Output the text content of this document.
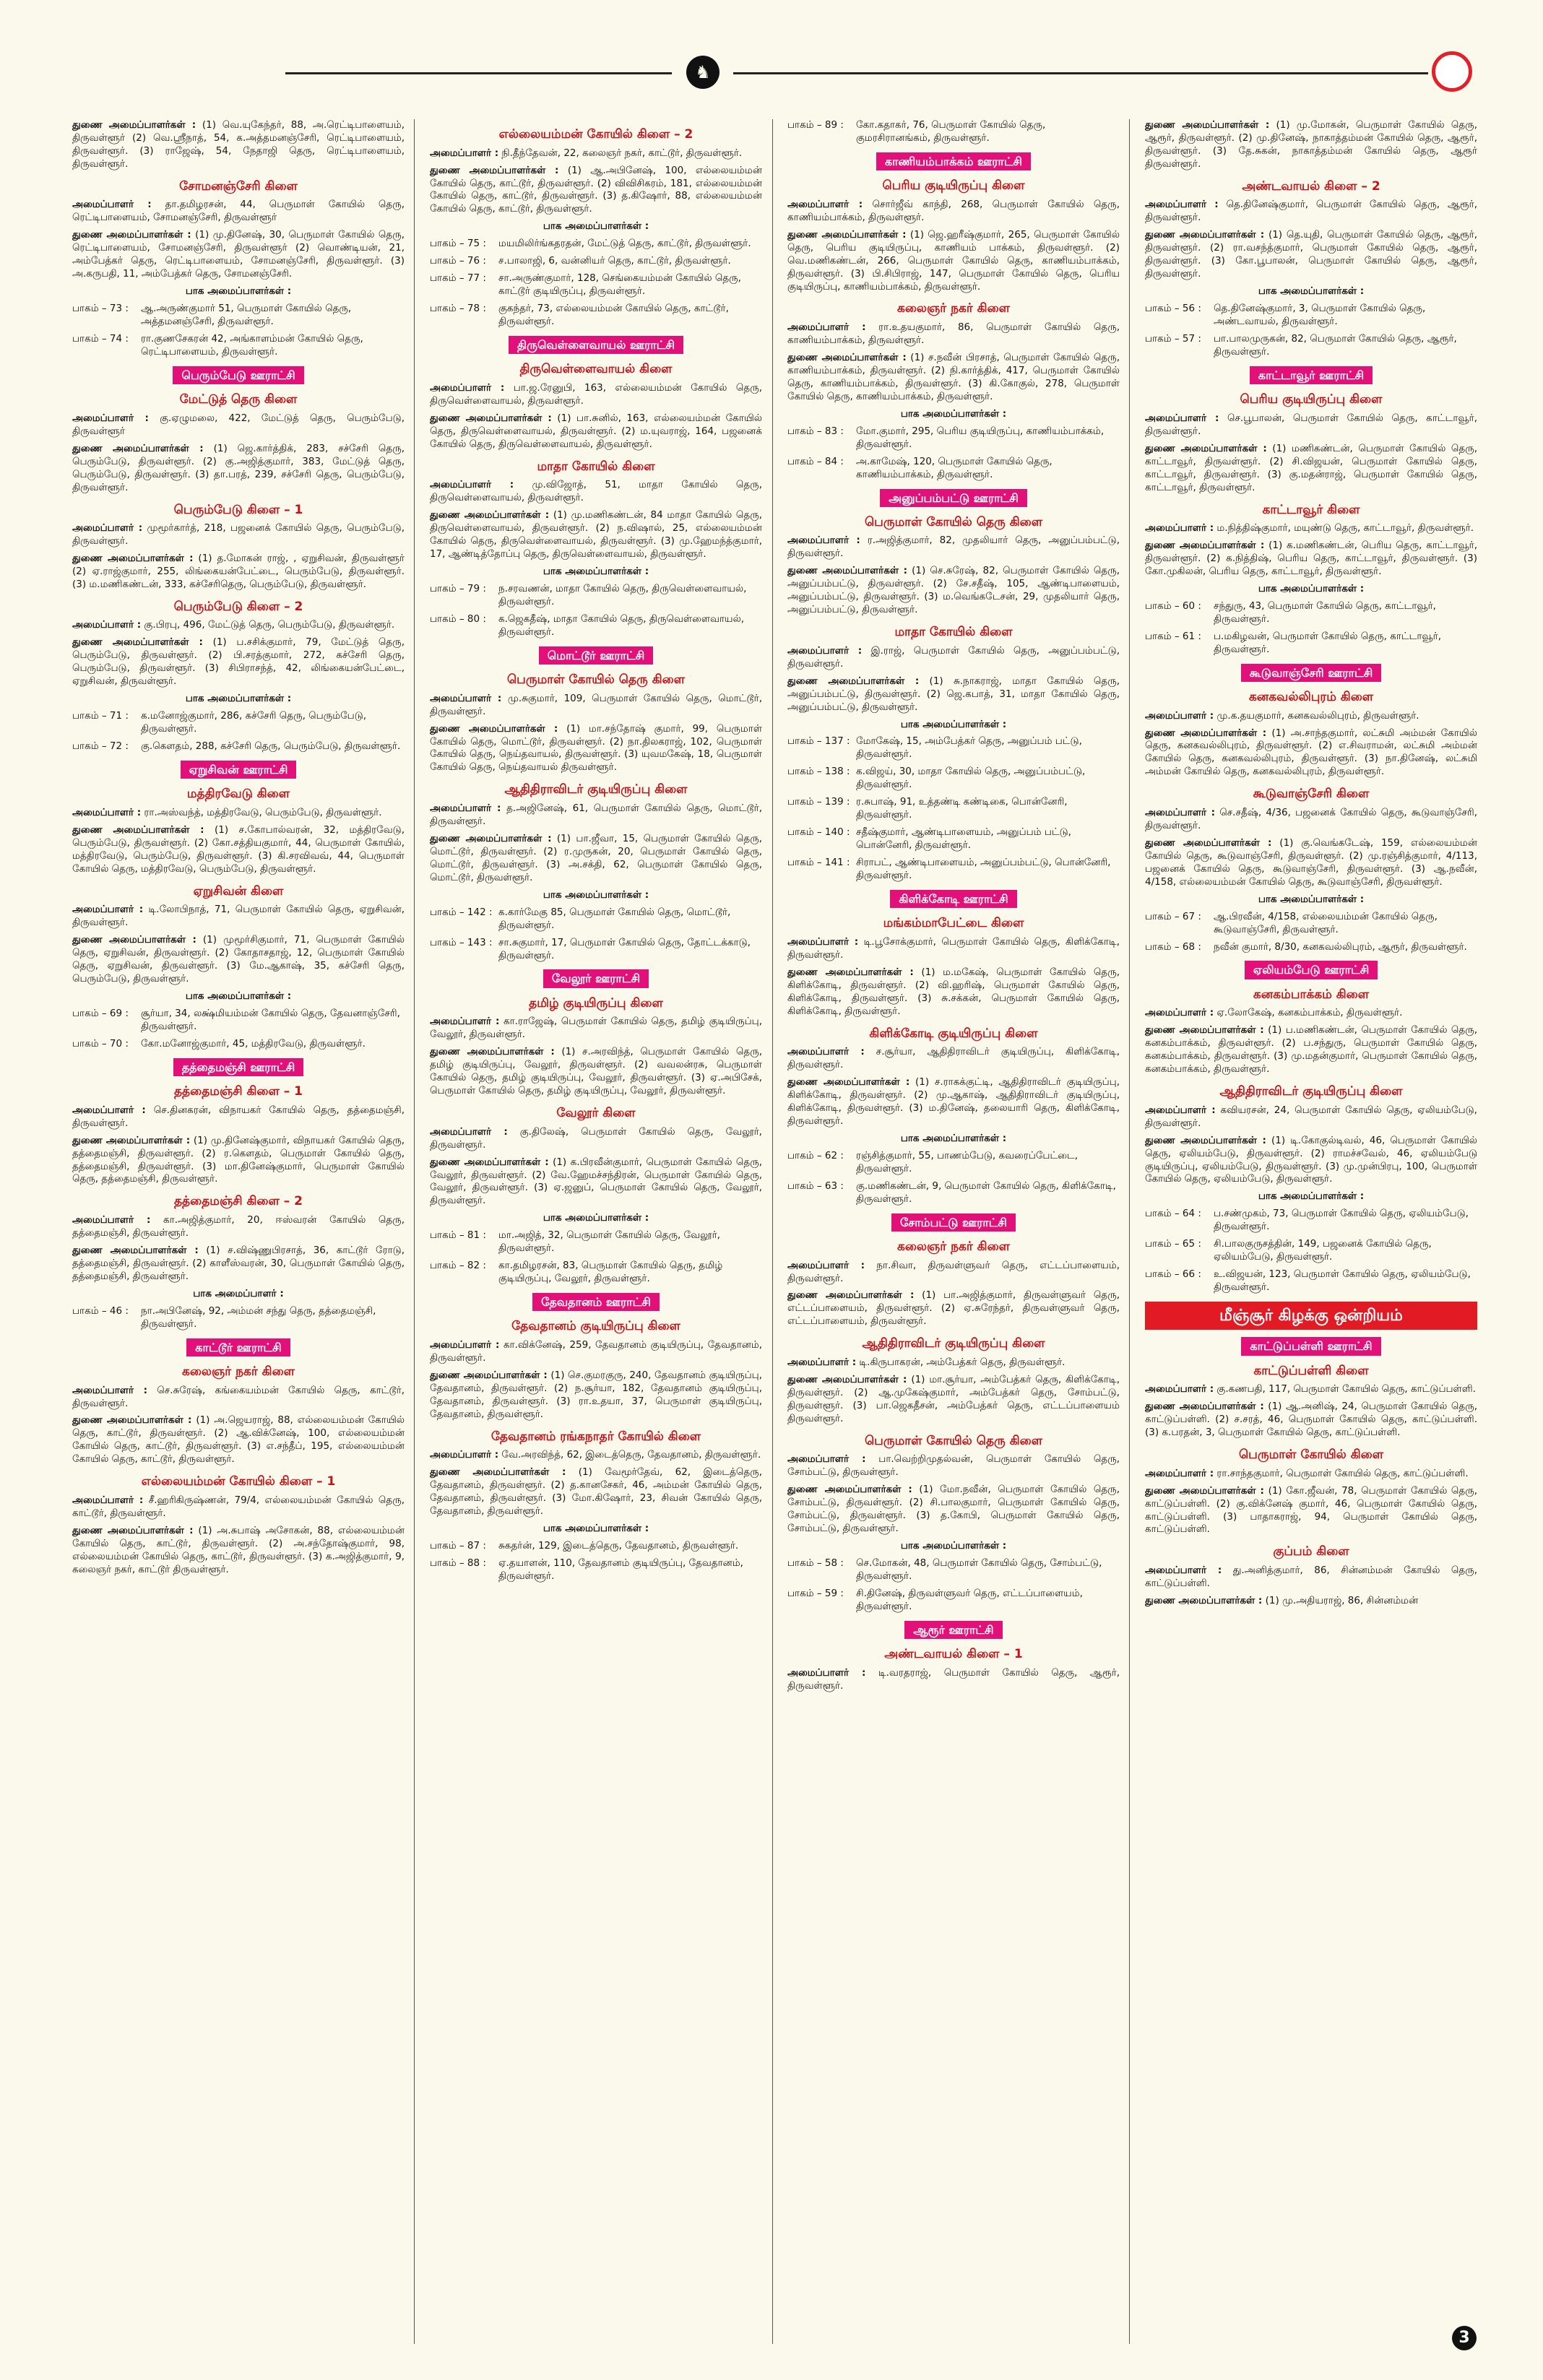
♞
துணை அமைப்பாளர்கள் : (1) வெ.யுகேந்தர், 88, அ.ரெட்டிபாளையம், திருவள்ளூர் (2) வெ.ஸ்ரீநாத், 54, க.அத்தமனஞ்சேரி, ரெட்டிபாளையம், திருவள்ளூர். (3) ராஜேஷ், 54, நேதாஜி தெரு, ரெட்டிபாளையம், திருவள்ளூர்.
சோமனஞ்சேரி கிளை
அமைப்பாளர் : தா.தமிழரசன், 44, பெருமாள் கோயில் தெரு, ரெட்டிபாளையம், சோமனஞ்சேரி, திருவள்ளூர்
துணை அமைப்பாளர்கள் : (1) மு.தினேஷ், 30, பெருமாள் கோயில் தெரு, ரெட்டிபாளையம், சோமனஞ்சேரி, திருவள்ளூர் (2) வொண்டியன், 21, அம்பேத்கர் தெரு, ரெட்டிபாளையம், சோமனஞ்சேரி, திருவள்ளூர். (3) அ.கருபதி, 11, அம்பேத்கர் தெரு, சோமனஞ்சேரி.
பாக அமைப்பாளர்கள் :
பாகம் – 73 :	ஆ.அருண்குமார் 51, பெருமாள் கோயில் தெரு, அத்தமனஞ்சேரி, திருவள்ளூர்.
பாகம் – 74 :	ரா.குணசேகரன் 42, அங்காளம்மன் கோயில் தெரு, ரெட்டிபாளையம், திருவள்ளூர்.
பெரும்பேடு ஊராட்சி
மேட்டுத் தெரு கிளை
அமைப்பாளர் : கு.ஏழுமலை, 422, மேட்டுத் தெரு, பெரும்பேடு, திருவள்ளூர்
துணை அமைப்பாளர்கள் : (1) ஜெ.கார்த்திக், 283, சச்சேரி தெரு, பெரும்பேடு, திருவள்ளூர். (2) கு.அஜித்குமார், 383, மேட்டுத் தெரு, பெரும்பேடு, திருவள்ளூர். (3) தா.பரத், 239, சச்சேரி தெரு, பெரும்பேடு, திருவள்ளூர்.
பெரும்பேடு கிளை – 1
அமைப்பாளர் : முமூர்கார்த், 218, பஜனைக் கோயில் தெரு, பெரும்பேடு, திருவள்ளூர்.
துணை அமைப்பாளர்கள் : (1) த.மோகன் ராஜ், , ஏறுசிவன், திருவள்ளூர் (2) ஏ.ராஜ்குமார், 255, லிங்கையன்பேட்டை, பெரும்பேடு, திருவள்ளூர். (3) ம.மணிகண்டன், 333, கச்சேரிதெரு, பெரும்பேடு, திருவள்ளூர்.
பெரும்பேடு கிளை – 2
அமைப்பாளர் : கு.பிரபு, 496, மேட்டுத் தெரு, பெரும்பேடு, திருவள்ளூர்.
துணை அமைப்பாளர்கள் : (1) ப.சசிக்குமார், 79, மேட்டுத் தெரு, பெரும்பேடு, திருவள்ளூர். (2) பி.சரத்குமார், 272, கச்சேரி தெரு, பெரும்பேடு, திருவள்ளூர். (3) சிபிராசந்த், 42, லிங்கையன்பேட்டை, ஏறுசிவன், திருவள்ளூர்.
பாக அமைப்பாளர்கள் :
பாகம் – 71 :	க.மனோஜ்குமார், 286, கச்சேரி தெரு, பெரும்பேடு, திருவள்ளூர்.
பாகம் – 72 :	கு.கௌதம், 288, கச்சேரி தெரு, பெரும்பேடு, திருவள்ளூர்.
ஏறுசிவன் ஊராட்சி
மத்திரவேடு கிளை
அமைப்பாளர் : ரா.அஸ்வந்த், மத்திரவேடு, பெரும்பேடு, திருவள்ளூர்.
துணை அமைப்பாளர்கள் : (1) ச.கோபால்வரன், 32, மத்திரவேடு, பெரும்பேடு, திருவள்ளூர். (2) கோ.சத்தியகுமார், 44, பெருமாள் கோயில், மத்திரவேடு, பெரும்பேடு, திருவள்ளூர். (3) கி.சரவிவவ், 44, பெருமாள் கோயில் தெரு, மத்திரவேடு, பெரும்பேடு, திருவள்ளூர்.
ஏறுசிவன் கிளை
அமைப்பாளர் : டி.லோபிநாத், 71, பெருமாள் கோயில் தெரு, ஏறுசிவன், திருவள்ளூர்.
துணை அமைப்பாளர்கள் : (1) முமூர்சிகுமார், 71, பெருமாள் கோயில் தெரு, ஏறுசிவன், திருவள்ளூர். (2) கோதாசதாஜ், 12, பெருமாள் கோயில் தெரு, ஏறுசிவன், திருவள்ளூர். (3) மே.ஆகாஷ், 35, கச்சேரி தெரு, பெரும்பேடு, திருவள்ளூர்.
பாக அமைப்பாளர்கள் :
பாகம் – 69 :	சூர்யா, 34, லக்ஷ்மியம்மன் கோயில் தெரு, தேவனாஞ்சேரி, திருவள்ளூர்.
பாகம் – 70 :	கோ.மனோஜ்குமார், 45, மத்திரவேடு, திருவள்ளூர்.
தத்தைமஞ்சி ஊராட்சி
தத்தைமஞ்சி கிளை – 1
அமைப்பாளர் : செ.தினகரன், விநாயகர் கோயில் தெரு, தத்தைமஞ்சி, திருவள்ளூர்.
துணை அமைப்பாளர்கள் : (1) மு.தினேஷ்குமார், விநாயகர் கோயில் தெரு, தத்தைமஞ்சி, திருவள்ளூர். (2) ர.கௌதம், பெருமாள் கோயில் தெரு, தத்தைமஞ்சி, திருவள்ளூர். (3) மா.தினேஷ்குமார், பெருமாள் கோயில் தெரு, தத்தைமஞ்சி, திருவள்ளூர்.
தத்தைமஞ்சி கிளை – 2
அமைப்பாளர் : கா.அஜித்குமார், 20, ஈஸ்வரன் கோயில் தெரு, தத்தைமஞ்சி, திருவள்ளூர்.
துணை அமைப்பாளர்கள் : (1) ச.விஷ்ணுபிரசாத், 36, காட்டூர் ரோடு, தத்தைமஞ்சி, திருவள்ளூர். (2) காளீஸ்வரன், 30, பெருமாள் கோயில் தெரு, தத்தைமஞ்சி, திருவள்ளூர்.
பாக அமைப்பாளர் :
பாகம் – 46 :	நா.அபினேஷ், 92, அம்மன் சந்து தெரு, தத்தைமஞ்சி, திருவள்ளூர்.
காட்டூர் ஊராட்சி
கலைஞர் நகர் கிளை
அமைப்பாளர் : செ.சுரேஷ், கங்கையம்மன் கோயில் தெரு, காட்டூர், திருவள்ளூர்.
துணை அமைப்பாளர்கள் : (1) அ.ஜெயராஜ், 88, எல்லையம்மன் கோயில் தெரு, காட்டூர், திருவள்ளூர். (2) ஆ.விக்னேஷ், 100, எல்லையம்மன் கோயில் தெரு, காட்டூர், திருவள்ளூர். (3) எ.சந்தீப், 195, எல்லையம்மன் கோயில் தெரு, காட்டூர், திருவள்ளூர்.
எல்லையம்மன் கோயில் கிளை – 1
அமைப்பாளர் : சீ.ஹரிகிருஷ்ணன், 79/4, எல்லையம்மன் கோயில் தெரு, காட்டூர், திருவள்ளூர்.
துணை அமைப்பாளர்கள் : (1) அ.சுபாஷ் அசோகன், 88, எல்லையம்மன் கோயில் தெரு, காட்டூர், திருவள்ளூர். (2) அ.சந்தோஷ்குமார், 98, எல்லையம்மன் கோயில் தெரு, காட்டூர், திருவள்ளூர். (3) க.அஜித்குமார், 9, கலைஞர் நகர், காட்டூர் திருவள்ளூர்.
எல்லையம்மன் கோயில் கிளை – 2
அமைப்பாளர் : நி.தீந்தேவன், 22, கலைஞர் நகர், காட்டூர், திருவள்ளூர்.
துணை அமைப்பாளர்கள் : (1) ஆ.அபினேஷ், 100, எல்லையம்மன் கோயில் தெரு, காட்டூர், திருவள்ளூர். (2) விவிசிகரம், 181, எல்லையம்மன் கோயில் தெரு, காட்டூர், திருவள்ளூர். (3) த.கிஷோர், 88, எல்லையம்மன் கோயில் தெரு, காட்டூர், திருவள்ளூர்.
பாக அமைப்பாளர்கள் :
பாகம் – 75 :	மயமிலிர்ங்கதரதன், மேட்டுத் தெரு, காட்டூர், திருவள்ளூர்.
பாகம் – 76 :	ச.பாலாஜி, 6, வன்னியர் தெரு, காட்டூர், திருவள்ளூர்.
பாகம் – 77 :	சா.அருண்குமார், 128, செங்கையம்மன் கோயில் தெரு, காட்டூர் குடியிருப்பு, திருவள்ளூர்.
பாகம் – 78 :	குகந்தர், 73, எல்லையம்மன் கோயில் தெரு, காட்டூர், திருவள்ளூர்.
திருவெள்ளைவாயல் ஊராட்சி
திருவெள்ளைவாயல் கிளை
அமைப்பாளர் : பா.ஜ.ரேனுபி, 163, எல்லையம்மன் கோயில் தெரு, திருவெள்ளைவாயல், திருவள்ளூர்.
துணை அமைப்பாளர்கள் : (1) பா.சுனில், 163, எல்லையம்மன் கோயில் தெரு, திருவெள்ளைவாயல், திருவள்ளூர். (2) ம.யுவராஜ், 164, பஜனைக் கோயில் தெரு, திருவெள்ளைவாயல், திருவள்ளூர்.
மாதா கோயில் கிளை
அமைப்பாளர் : மு.விஜோத், 51, மாதா கோயில் தெரு, திருவெள்ளைவாயல், திருவள்ளூர்.
துணை அமைப்பாளர்கள் : (1) மு.மணிகண்டன், 84 மாதா கோயில் தெரு, திருவெள்ளைவாயல், திருவள்ளூர். (2) ந.விஷால், 25, எல்லையம்மன் கோயில் தெரு, திருவெள்ளைவாயல், திருவள்ளூர். (3) மு.ஹேமந்த்குமார், 17, ஆண்டித்தோப்பு தெரு, திருவெள்ளைவாயல், திருவள்ளூர்.
பாக அமைப்பாளர்கள் :
பாகம் – 79 :	ந.சரவணன், மாதா கோயில் தெரு, திருவெள்ளைவாயல், திருவள்ளூர்.
பாகம் – 80 :	க.ஜெகதீஷ், மாதா கோயில் தெரு, திருவெள்ளைவாயல், திருவள்ளூர்.
மொட்டூர் ஊராட்சி
பெருமாள் கோயில் தெரு கிளை
அமைப்பாளர் : மு.சுகுமார், 109, பெருமாள் கோயில் தெரு, மொட்டூர், திருவள்ளூர்.
துணை அமைப்பாளர்கள் : (1) மா.சந்தோஷ் குமார், 99, பெருமாள் கோயில் தெரு, மொட்டூர், திருவள்ளூர். (2) நா.திலகராஜ், 102, பெருமாள் கோயில் தெரு, நெய்தவாயல், திருவள்ளூர். (3) யுவமகேஷ், 18, பெருமாள் கோயில் தெரு, நெய்தவாயல் திருவள்ளூர்.
ஆதிதிராவிடர் குடியிருப்பு கிளை
அமைப்பாளர் : த.அஜினேஷ், 61, பெருமாள் கோயில் தெரு, மொட்டூர், திருவள்ளூர்.
துணை அமைப்பாளர்கள் : (1) பா.ஜீவா, 15, பெருமாள் கோயில் தெரு, மொட்டூர், திருவள்ளூர். (2) ர.முருகன், 20, பெருமாள் கோயில் தெரு, மொட்டூர், திருவள்ளூர். (3) அ.சக்தி, 62, பெருமாள் கோயில் தெரு, மொட்டூர், திருவள்ளூர்.
பாக அமைப்பாளர்கள் :
பாகம் – 142 : க.கார்மேகு 85, பெருமாள் கோயில் தெரு, மொட்டூர், திருவள்ளூர்.
பாகம் – 143 : சா.சுகுமார், 17, பெருமாள் கோயில் தெரு, தோட்டக்காடு, திருவள்ளூர்.
வேலூர் ஊராட்சி
தமிழ் குடியிருப்பு கிளை
அமைப்பாளர் : கா.ராஜேஷ், பெருமாள் கோயில் தெரு, தமிழ் குடியிருப்பு, வேலூர், திருவள்ளூர்.
துணை அமைப்பாளர்கள் : (1) ச.அரவிந்த், பெருமாள் கோயில் தெரு, தமிழ் குடியிருப்பு, வேலூர், திருவள்ளூர். (2) வவலன்ரசு, பெருமாள் கோயில் தெரு, தமிழ் குடியிருப்பு, வேலூர், திருவள்ளூர். (3) ஏ.அபிசேக், பெருமாள் கோயில் தெரு, தமிழ் குடியிருப்பு, வேலூர், திருவள்ளூர்.
வேலூர் கிளை
அமைப்பாளர் : கு.திலேஷ், பெருமாள் கோயில் தெரு, வேலூர், திருவள்ளூர்.
துணை அமைப்பாளர்கள் : (1) க.பிரவீன்குமார், பெருமாள் கோயில் தெரு, வேலூர், திருவள்ளூர். (2) வே.ஹேமச்சந்திரன், பெருமாள் கோயில் தெரு, வேலூர், திருவள்ளூர். (3) ஏ.ஜனுப், பெருமாள் கோயில் தெரு, வேலூர், திருவள்ளூர்.
பாக அமைப்பாளர்கள் :
பாகம் – 81 :	மா.அஜித், 32, பெருமாள் கோயில் தெரு, வேலூர், திருவள்ளூர்.
பாகம் – 82 :	கா.தமிழரசன், 83, பெருமாள் கோயில் தெரு, தமிழ் குடியிருப்பு, வேலூர், திருவள்ளூர்.
தேவதானம் ஊராட்சி
தேவதானம் குடியிருப்பு கிளை
அமைப்பாளர் : கா.விக்னேஷ், 259, தேவதானம் குடியிருப்பு, தேவதானம், திருவள்ளூர்.
துணை அமைப்பாளர்கள் : (1) செ.குமரகுரு, 240, தேவதானம் குடியிருப்பு, தேவதானம், திருவள்ளூர். (2) ந.சூர்யா, 182, தேவதானம் குடியிருப்பு, தேவதானம், திருவள்ளூர். (3) ரா.உதயா, 37, பெருமாள் குடியிருப்பு, தேவதானம், திருவள்ளூர்.
தேவதானம் ரங்கநாதர் கோயில் கிளை
அமைப்பாளர் : வே.அரவிந்த், 62, இடைத்தெரு, தேவதானம், திருவள்ளூர்.
துணை அமைப்பாளர்கள் : (1) வேமூர்தேவ், 62, இடைத்தெரு, தேவதானம், திருவள்ளூர். (2) த.கானசேகர், 46, அம்மன் கோயில் தெரு, தேவதானம், திருவள்ளூர். (3) மோ.கிஷோர், 23, சிவன் கோயில் தெரு, தேவதானம், திருவள்ளூர்.
பாக அமைப்பாளர்கள் :
பாகம் – 87 :	சுகதர்ன், 129, இடைத்தெரு, தேவதானம், திருவள்ளூர்.
பாகம் – 88 :	ஏ.தயாளன், 110, தேவதானம் குடியிருப்பு, தேவதானம், திருவள்ளூர்.
பாகம் – 89 :	கோ.கதாகர், 76, பெருமாள் கோயில் தெரு, குமரசிரானங்கம், திருவள்ளூர்.
காணியம்பாக்கம் ஊராட்சி
பெரிய குடியிருப்பு கிளை
அமைப்பாளர் : சொர்ஜீவ் காந்தி, 268, பெருமாள் கோயில் தெரு, காணியம்பாக்கம், திருவள்ளூர்.
துணை அமைப்பாளர்கள் : (1) ஜெ.ஹரீஷ்குமார், 265, பெருமாள் கோயில் தெரு, பெரிய குடியிருப்பு, காணியம் பாக்கம், திருவள்ளூர். (2) வெ.மணிகண்டன், 266, பெருமாள் கோயில் தெரு, காணியம்பாக்கம், திருவள்ளூர். (3) பி.சிபிராஜ், 147, பெருமாள் கோயில் தெரு, பெரிய குடியிருப்பு, காணியம்பாக்கம், திருவள்ளூர்.
கலைஞர் நகர் கிளை
அமைப்பாளர் : ரா.உதயகுமார், 86, பெருமாள் கோயில் தெரு, காணியம்பாக்கம், திருவள்ளூர்.
துணை அமைப்பாளர்கள் : (1) ச.நவீன் பிரசாத், பெருமாள் கோயில் தெரு, காணியம்பாக்கம், திருவள்ளூர். (2) நி.கார்த்திக், 417, பெருமாள் கோயில் தெரு, காணியம்பாக்கம், திருவள்ளூர். (3) கி.கோகுல், 278, பெருமாள் கோயில் தெரு, காணியம்பாக்கம், திருவள்ளூர்.
பாக அமைப்பாளர்கள் :
பாகம் – 83 :	மோ.குமார், 295, பெரிய குடியிருப்பு, காணியம்பாக்கம், திருவள்ளூர்.
பாகம் – 84 :	அ.காமேஷ், 120, பெருமாள் கோயில் தெரு, காணியம்பாக்கம், திருவள்ளூர்.
அனுப்பம்பட்டு ஊராட்சி
பெருமாள் கோயில் தெரு கிளை
அமைப்பாளர் : ர.அஜித்குமார், 82, முதலியார் தெரு, அனுப்பம்பட்டு, திருவள்ளூர்.
துணை அமைப்பாளர்கள் : (1) செ.சுரேஷ், 82, பெருமாள் கோயில் தெரு, அனுப்பம்பட்டு, திருவள்ளூர். (2) சே.சதீஷ், 105, ஆண்டிபாளையம், அனுப்பம்பட்டு, திருவள்ளூர். (3) ம.வெங்கடேசன், 29, முதலியார் தெரு, அனுப்பம்பட்டு, திருவள்ளூர்.
மாதா கோயில் கிளை
அமைப்பாளர் : இ.ராஜ், பெருமாள் கோயில் தெரு, அனுப்பம்பட்டு, திருவள்ளூர்.
துணை அமைப்பாளர்கள் : (1) சு.நாகராஜ், மாதா கோயில் தெரு, அனுப்பம்பட்டு, திருவள்ளூர். (2) ஜெ.கபாத், 31, மாதா கோயில் தெரு, அனுப்பம்பட்டு, திருவள்ளூர்.
பாக அமைப்பாளர்கள் :
பாகம் – 137 : மோகேஷ், 15, அம்பேத்கர் தெரு, அனுப்பம் பட்டு, திருவள்ளூர்.
பாகம் – 138 : க.விஜய், 30, மாதா கோயில் தெரு, அனுப்பம்பட்டு, திருவள்ளூர்.
பாகம் – 139 : ர.சுபாஷ், 91, உத்தண்டி கண்டிகை, பொன்னேரி, திருவள்ளூர்.
பாகம் – 140 : சதீஷ்குமார், ஆண்டிபாளையம், அனுப்பம் பட்டு, பொன்னேரி, திருவள்ளூர்.
பாகம் – 141 : சிராபட், ஆண்டிபாளையம், அனுப்பம்பட்டு, பொன்னேரி, திருவள்ளூர்.
கிளிக்கோடி ஊராட்சி
மங்கம்மாபேட்டை கிளை
அமைப்பாளர் : டி.பூசோக்குமார், பெருமாள் கோயில் தெரு, கிளிக்கோடி, திருவள்ளூர்.
துணை அமைப்பாளர்கள் : (1) ம.மகேஷ், பெருமாள் கோயில் தெரு, கிளிக்கோடி, திருவள்ளூர். (2) வி.ஹரிஷ், பெருமாள் கோயில் தெரு, கிளிக்கோடி, திருவள்ளூர். (3) சு.சக்கன், பெருமாள் கோயில் தெரு, கிளிக்கோடி, திருவள்ளூர்.
கிளிக்கோடி குடியிருப்பு கிளை
அமைப்பாளர் : ச.சூர்யா, ஆதிதிராவிடர் குடியிருப்பு, கிளிக்கோடி, திருவள்ளூர்.
துணை அமைப்பாளர்கள் : (1) ச.ராகக்குட்டி, ஆதிதிராவிடர் குடியிருப்பு, கிளிக்கோடி, திருவள்ளூர். (2) மு.ஆகாஷ், ஆதிதிராவிடர் குடியிருப்பு, கிளிக்கோடி, திருவள்ளூர். (3) ம.தினேஷ், தலையாரி தெரு, கிளிக்கோடி, திருவள்ளூர்.
பாக அமைப்பாளர்கள் :
பாகம் – 62 :	ரஞ்சித்குமார், 55, பாணம்பேடு, கவரைப்பேட்டை, திருவள்ளூர்.
பாகம் – 63 :	கு.மணிகண்டன், 9, பெருமாள் கோயில் தெரு, கிளிக்கோடி, திருவள்ளூர்.
சோம்பட்டு ஊராட்சி
கலைஞர் நகர் கிளை
அமைப்பாளர் : நா.சிவா, திருவள்ளுவர் தெரு, எட்டப்பாளையம், திருவள்ளூர்.
துணை அமைப்பாளர்கள் : (1) பா.அஜித்குமார், திருவள்ளுவர் தெரு, எட்டப்பாளையம், திருவள்ளூர். (2) ஏ.சுரேந்தர், திருவள்ளுவர் தெரு, எட்டப்பாளையம், திருவள்ளூர்.
ஆதிதிராவிடர் குடியிருப்பு கிளை
அமைப்பாளர் : டி.கிருபாகரன், அம்பேத்கர் தெரு, திருவள்ளூர்.
துணை அமைப்பாளர்கள் : (1) மா.சூர்யா, அம்பேத்கர் தெரு, கிளிக்கோடி, திருவள்ளூர். (2) ஆ.முகேஷ்குமார், அம்பேத்கர் தெரு, சோம்பட்டு, திருவள்ளூர். (3) பா.ஜெகதீசன், அம்பேத்கர் தெரு, எட்டப்பாளையம் திருவள்ளூர்.
பெருமாள் கோயில் தெரு கிளை
அமைப்பாளர் : பா.வெற்றிமுதல்வன், பெருமாள் கோயில் தெரு, சோம்பட்டு, திருவள்ளூர்.
துணை அமைப்பாளர்கள் : (1) மோ.நவீன், பெருமாள் கோயில் தெரு, சோம்பட்டு, திருவள்ளூர். (2) சி.பாலகுமார், பெருமாள் கோயில் தெரு, சோம்பட்டு, திருவள்ளூர். (3) த.கோபி, பெருமாள் கோயில் தெரு, சோம்பட்டு, திருவள்ளூர்.
பாக அமைப்பாளர்கள் :
பாகம் – 58 :	செ.மோகன், 48, பெருமாள் கோயில் தெரு, சோம்பட்டு, திருவள்ளூர்.
பாகம் – 59 :	சி.தினேஷ், திருவள்ளுவர் தெரு, எட்டப்பாளையம், திருவள்ளூர்.
ஆரூர் ஊராட்சி
அண்டவாயல் கிளை – 1
அமைப்பாளர் : டி.வரதராஜ், பெருமாள் கோயில் தெரு, ஆரூர், திருவள்ளூர்.
துணை அமைப்பாளர்கள் : (1) மு.மோகன், பெருமாள் கோயில் தெரு, ஆரூர், திருவள்ளூர். (2) மு.தினேஷ், நாகாத்தம்மன் கோயில் தெரு, ஆரூர், திருவள்ளூர். (3) தே.சுகன், நாகாத்தம்மன் கோயில் தெரு, ஆரூர் திருவள்ளூர்.
அண்டவாயல் கிளை – 2
அமைப்பாளர் : தெ.தினேஷ்குமார், பெருமாள் கோயில் தெரு, ஆரூர், திருவள்ளூர்.
துணை அமைப்பாளர்கள் : (1) தெ.யுதி, பெருமாள் கோயில் தெரு, ஆரூர், திருவள்ளூர். (2) ரா.வசந்த்குமார், பெருமாள் கோயில் தெரு, ஆரூர், திருவள்ளூர். (3) கோ.பூபாலன், பெருமாள் கோயில் தெரு, ஆரூர், திருவள்ளூர்.
பாக அமைப்பாளர்கள் :
பாகம் – 56 :	தெ.தினேஷ்குமார், 3, பெருமாள் கோயில் தெரு, அண்டவாயல், திருவள்ளூர்.
பாகம் – 57 :	பா.பாலமுருகன், 82, பெருமாள் கோயில் தெரு, ஆரூர், திருவள்ளூர்.
காட்டாவூர் ஊராட்சி
பெரிய குடியிருப்பு கிளை
அமைப்பாளர் : செ.பூபாலன், பெருமாள் கோயில் தெரு, காட்டாவூர், திருவள்ளூர்.
துணை அமைப்பாளர்கள் : (1) மணிகண்டன், பெருமாள் கோயில் தெரு, காட்டாவூர், திருவள்ளூர். (2) சி.விஜயன், பெருமாள் கோயில் தெரு, காட்டாவூர், திருவள்ளூர். (3) கு.மதன்ராஜ், பெருமாள் கோயில் தெரு, காட்டாவூர், திருவள்ளூர்.
காட்டாவூர் கிளை
அமைப்பாளர் : ம.நித்திஷ்குமார், மயுண்டு தெரு, காட்டாவூர், திருவள்ளூர்.
துணை அமைப்பாளர்கள் : (1) க.மணிகண்டன், பெரிய தெரு, காட்டாவூர், திருவள்ளூர். (2) க.நித்திஷ், பெரிய தெரு, காட்டாவூர், திருவள்ளூர். (3) கோ.முகிலன், பெரிய தெரு, காட்டாவூர், திருவள்ளூர்.
பாக அமைப்பாளர்கள் :
பாகம் – 60 :	சந்துரு, 43, பெருமாள் கோயில் தெரு, காட்டாவூர், திருவள்ளூர்.
பாகம் – 61 :	ப.மகிழவன், பெருமாள் கோயில் தெரு, காட்டாவூர், திருவள்ளூர்.
கூடுவாஞ்சேரி ஊராட்சி
கனகவல்லிபுரம் கிளை
அமைப்பாளர் : மு.க.தயகுமார், கனகவல்லிபுரம், திருவள்ளூர்.
துணை அமைப்பாளர்கள் : (1) அ.சாந்தகுமார், லட்சுமி அம்மன் கோயில் தெரு, கனகவல்லிபுரம், திருவள்ளூர். (2) எ.சிவராமன், லட்சுமி அம்மன் கோயில் தெரு, கனகவல்லிபுரம், திருவள்ளூர். (3) நா.தினேஷ், லட்சுமி அம்மன் கோயில் தெரு, கனகவல்லிபுரம், திருவள்ளூர்.
கூடுவாஞ்சேரி கிளை
அமைப்பாளர் : செ.சதீஷ், 4/36, பஜனைக் கோயில் தெரு, கூடுவாஞ்சேரி, திருவள்ளூர்.
துணை அமைப்பாளர்கள் : (1) கு.வெங்கடேஷ், 159, எல்லையம்மன் கோயில் தெரு, கூடுவாஞ்சேரி, திருவள்ளூர். (2) மு.ரஞ்சித்குமார், 4/113, பஜனைக் கோயில் தெரு, கூடுவாஞ்சேரி, திருவள்ளூர். (3) ஆ.நவீன், 4/158, எல்லையம்மன் கோயில் தெரு, கூடுவாஞ்சேரி, திருவள்ளூர்.
பாக அமைப்பாளர்கள் :
பாகம் – 67 :	ஆ.பிரவீன், 4/158, எல்லையம்மன் கோயில் தெரு, கூடுவாஞ்சேரி, திருவள்ளூர்.
பாகம் – 68 :	நவீன் குமார், 8/30, கனகவல்லிபுரம், ஆரூர், திருவள்ளூர்.
ஏலியம்பேடு ஊராட்சி
கனகம்பாக்கம் கிளை
அமைப்பாளர் : ஏ.லோகேஷ், கனகம்பாக்கம், திருவள்ளூர்.
துணை அமைப்பாளர்கள் : (1) ப.மணிகண்டன், பெருமாள் கோயில் தெரு, கனகம்பாக்கம், திருவள்ளூர். (2) ப.சந்துரு, பெருமாள் கோயில் தெரு, கனகம்பாக்கம், திருவள்ளூர். (3) மு.மதன்குமார், பெருமாள் கோயில் தெரு, கனகம்பாக்கம், திருவள்ளூர்.
ஆதிதிராவிடர் குடியிருப்பு கிளை
அமைப்பாளர் : கவியரசன், 24, பெருமாள் கோயில் தெரு, ஏலியம்பேடு, திருவள்ளூர்.
துணை அமைப்பாளர்கள் : (1) டி.கோகுல்டிவல், 46, பெருமாள் கோயில் தெரு, ஏலியம்பேடு, திருவள்ளூர். (2) ராமச்சவேல், 46, ஏலியம்பேடு குடியிருப்பு, ஏலியம்பேடு, திருவள்ளூர். (3) மு.முன்பிரபு, 100, பெருமாள் கோயில் தெரு, ஏலியம்பேடு, திருவள்ளூர்.
பாக அமைப்பாளர்கள் :
பாகம் – 64 :	ப.சண்முகம், 73, பெருமாள் கோயில் தெரு, ஏலியம்பேடு, திருவள்ளூர்.
பாகம் – 65 :	சி.பாலகுருசத்தின், 149, பஜனைக் கோயில் தெரு, ஏலியம்பேடு, திருவள்ளூர்.
பாகம் – 66 :	உ.விஜயன், 123, பெருமாள் கோயில் தெரு, ஏலியம்பேடு, திருவள்ளூர்.
மீஞ்சூர் கிழக்கு ஒன்றியம்
காட்டுப்பள்ளி ஊராட்சி
காட்டுப்பள்ளி கிளை
அமைப்பாளர் : கு.கணபதி, 117, பெருமாள் கோயில் தெரு, காட்டுப்பள்ளி.
துணை அமைப்பாளர்கள் : (1) ஆ.அனிஷ், 24, பெருமாள் கோயில் தெரு, காட்டுப்பள்ளி. (2) ச.சரத், 46, பெருமாள் கோயில் தெரு, காட்டுப்பள்ளி. (3) க.பரதன், 3, பெருமாள் கோயில் தெரு, காட்டுப்பள்ளி.
பெருமாள் கோயில் கிளை
அமைப்பாளர் : ரா.சாந்தகுமார், பெருமாள் கோயில் தெரு, காட்டுப்பள்ளி.
துணை அமைப்பாளர்கள் : (1) கோ.ஜீவன், 78, பெருமாள் கோயில் தெரு, காட்டுப்பள்ளி. (2) கு.விக்னேஷ் குமார், 46, பெருமாள் கோயில் தெரு, காட்டுப்பள்ளி. (3) பாதாகராஜ், 94, பெருமாள் கோயில் தெரு, காட்டுப்பள்ளி.
குப்பம் கிளை
அமைப்பாளர் : து.அனித்குமார், 86, சின்னம்மன் கோயில் தெரு, காட்டுப்பள்ளி.
துணை அமைப்பாளர்கள் : (1) மு.அதியராஜ், 86, சின்னம்மன்
3
